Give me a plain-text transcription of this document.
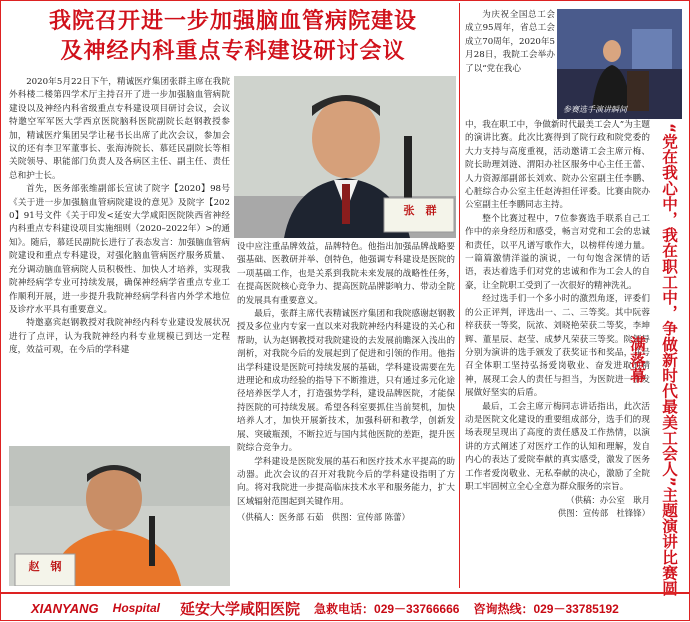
我院召开进一步加强脑血管病院建设
及神经内科重点专科建设研讨会议

2020年5月22日下午，精诚医疗集团张群主席在我院外科楼二楼第四学术厅主持召开了进一步加强脑血管病院建设以及神经内科省级重点专科建设项目研讨会议，会议特邀空军军医大学西京医院脑科医院副院长赵钢教授参加，精诚医疗集团吴学让秘书长出席了此次会议，参加会议的还有李卫军董事长、张海涛院长、慕廷民副院长等相关院领导、职能部门负责人及各病区主任、副主任、责任总和护士长。

首先，医务部张维副部长宣读了院字【2020】98号《关于进一步加强脑血管病院建设的意见》及院字【2020】91号文件《关于印发<延安大学咸阳医院陕西省神经内科重点专科建设项目实施细则（2020–2022年）>的通知》。随后，慕廷民副院长进行了表态发言：加强脑血管病院建设和重点专科建设，对强化脑血管病医疗服务质量、充分调动脑血管病院人员积极性、加快人才培养，实现我院神经病学专业可持续发展，确保神经病学省重点专业工作顺利开展，进一步提升我院神经病学科省内外学术地位及诊疗水平具有重要意义。

特邀嘉宾赵钢教授对我院神经内科专业建设发展状况进行了点评，认为我院神经内科专业规模已到达一定程度，效益可观，在今后的学科建

张　群

设中应注重品牌效益，品牌特色。他指出加强品牌战略要强基础、医教研并举、创特色，他强调专科建设是医院的一项基础工作，也是关系到我院未来发展的战略性任务，在提高医院核心竞争力、提高医院品牌影响力、带动全院的发展具有重要意义。

最后，张群主席代表精诚医疗集团和我院感谢赵钢教授及多位业内专家一直以来对我院神经内科建设的关心和帮助，认为赵钢教授对我院建设的去发展前瞻深入浅出的剖析，对我院今后的发展起到了促进和引领的作用。他指出学科建设是医院可持续发展的基础，学科建设需要在先进理论和成功经验的指导下不断推进，只有通过多元化途径培养医学人才，打造强势学科，建设品牌医院，才能保持医院的可持续发展。希望各科室要抓住当前契机，加快培养人才，加快开展新技术，加强科研和教学，创新发展、突破瓶颈，不断拉近与国内其他医院的差距，提升医院综合竞争力。

学科建设是医院发展的基石和医疗技术水平提高的助动器。此次会议的召开对我院今后的学科建设指明了方向。将对我院进一步提高临床技术水平和服务能力，扩大区域辐射范围起到关键作用。

（供稿人：医务部 石茹　供图：宣传部 陈蕾）

赵　钢
为庆祝全国总工会成立95周年，省总工会成立70周年，2020年5月28日，我院工会举办了以“党在我心
参赛选手演讲瞬间

中，我在职工中，争做新时代最美工会人”为主题的演讲比赛。此次比赛得到了院行政和院党委的大力支持与高度重视，活动邀请工会主席亓梅、院长助理刘涟、渭阳办社区服务中心主任王蕾、人力资源部副部长刘欢、院办公室副主任李鹏、心脏综合办公室主任赵涛担任评委。比赛由院办公室副主任李鹏同志主持。

整个比赛过程中，7位参赛选手联系自己工作中的亲身经历和感受，畅言对党和工会的忠诚和责任，以平凡谱写歌作大，以榜样传递力量。一篇篇激情洋溢的演说，一句句饱含深情的话语，表达着选手们对党的忠诚和作为工会人的自豪，让全院职工受到了一次很好的精神洗礼。

经过选手们一个多小时的激烈角逐，评委们的公正评判，评选出一、二、三等奖。其中阮蓉梓获获一等奖，阮浓、刘晓艳荣获二等奖，李坤辉、董星辰、赵莹、成梦凡荣获三等奖。院领导分别为演讲的选手颁发了获奖证书和奖品，并号召全体职工坚持弘扬爱岗敬业、奋发进取的精神，展现工会人的责任与担当，为医院进一步发展做好坚实的后盾。

最后，工会主席亓梅同志讲话指出，此次活动是医院文化建设的重要组成部分，选手们的现场表现呈现出了高度的责任感及工作热情，以演讲的方式阐述了对医疗工作的认知和理解，发自内心的表达了爱院奉献的真实感受，激发了医务工作者爱岗敬业、无私奉献的决心，激励了全院职工牢固树立全心全意为群众服务的宗旨。

（供稿：办公室　耿月

供图：宣传部　杜锋锋） “党在我心中，我在职工中，争做新时代最美工会人”主题演讲比赛圆满落幕
XIANYANG Hospital 延安大学咸阳医院 急救电话：029－33766666 咨询热线：029－33785192
